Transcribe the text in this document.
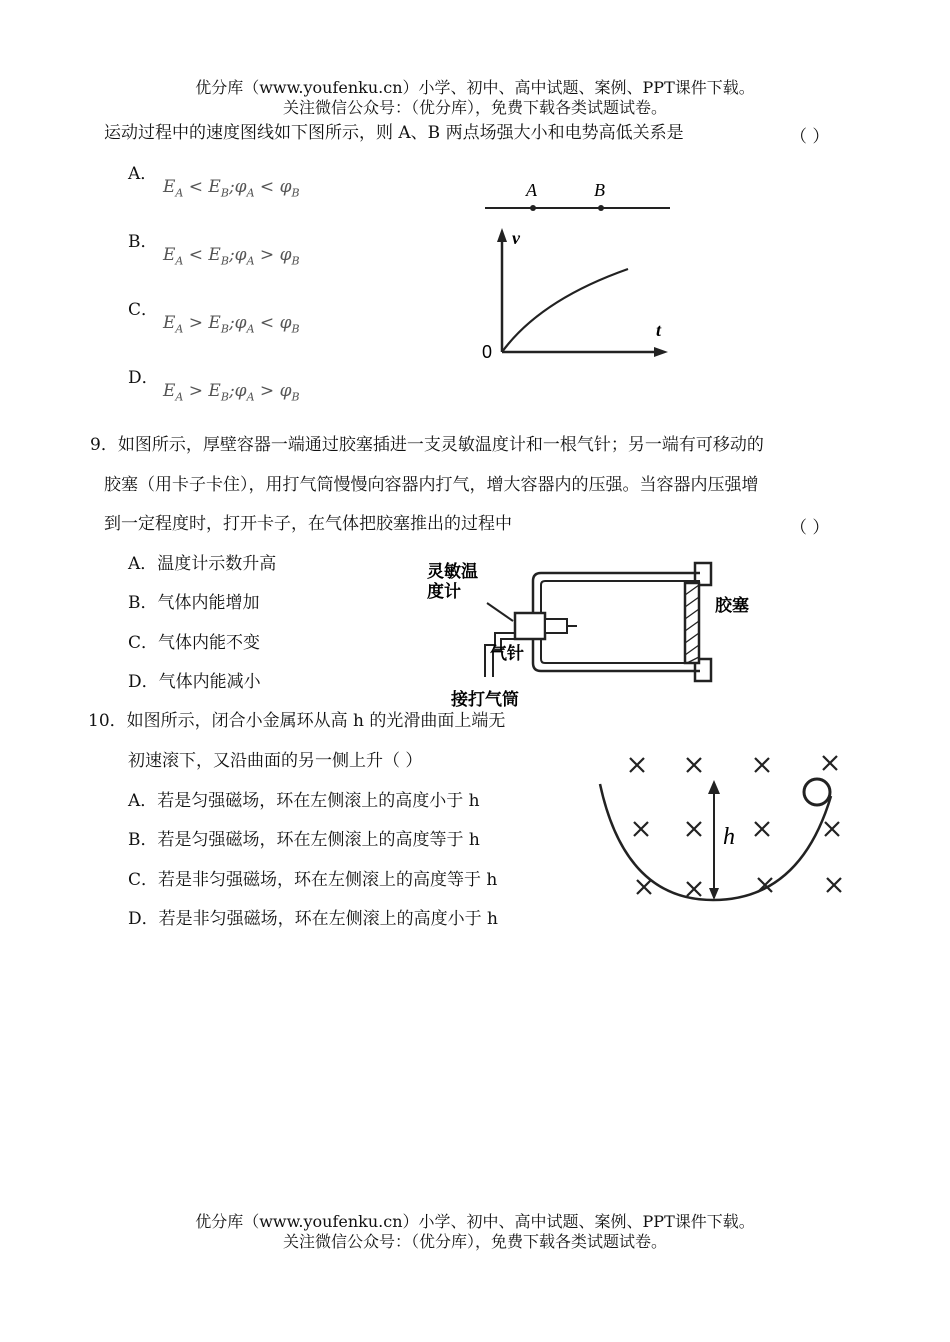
优分库（www.youfenku.cn）小学、初中、高中试题、案例、PPT课件下载。
关注微信公众号：（优分库），免费下载各类试题试卷。
运动过程中的速度图线如下图所示，则 A、B 两点场强大小和电势高低关系是	（ ）
A．
$E_A$ < $E_B;\varphi_A < \varphi_B$
B．
$E_A$ < $E_B;\varphi_A > \varphi_B$
C．
$E_A$ > $E_B;\varphi_A < \varphi_B$
D．
$E_A$ > $E_B;\varphi_A > \varphi_B$
A	B
v
t
0
9．如图所示，厚壁容器一端通过胶塞插进一支灵敏温度计和一根气针；另一端有可移动的
胶塞（用卡子卡住），用打气筒慢慢向容器内打气，增大容器内的压强。当容器内压强增
到一定程度时，打开卡子，在气体把胶塞推出的过程中	（ ）
A．温度计示数升高
B．气体内能增加
C．气体内能不变
D．气体内能减小
灵敏温
度计
胶塞
气针
接打气筒
10．如图所示，闭合小金属环从高 h 的光滑曲面上端无
初速滚下，又沿曲面的另一侧上升（ ）
A．若是匀强磁场，环在左侧滚上的高度小于 h
B．若是匀强磁场，环在左侧滚上的高度等于 h
C．若是非匀强磁场，环在左侧滚上的高度等于 h
D．若是非匀强磁场，环在左侧滚上的高度小于 h
h
优分库（www.youfenku.cn）小学、初中、高中试题、案例、PPT课件下载。
关注微信公众号：（优分库），免费下载各类试题试卷。
